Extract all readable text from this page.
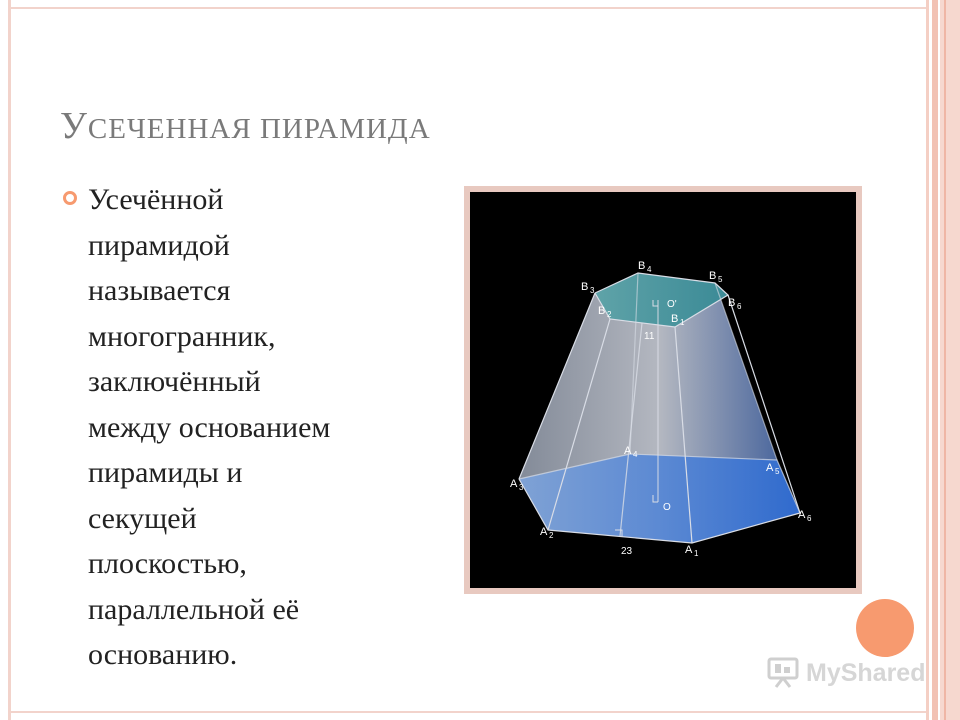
УСЕЧЕННАЯ ПИРАМИДА

Усечённой
пирамидой
называется
многогранник,
заключённый
между основанием
пирамиды и
секущей
плоскостью,
параллельной её
основанию.

B 4
B 5
B 3
B 6
B 2	B 1
O'
11
A 4
A 5
A 3
A 6
A 2
A 1
O
23
MyShared
